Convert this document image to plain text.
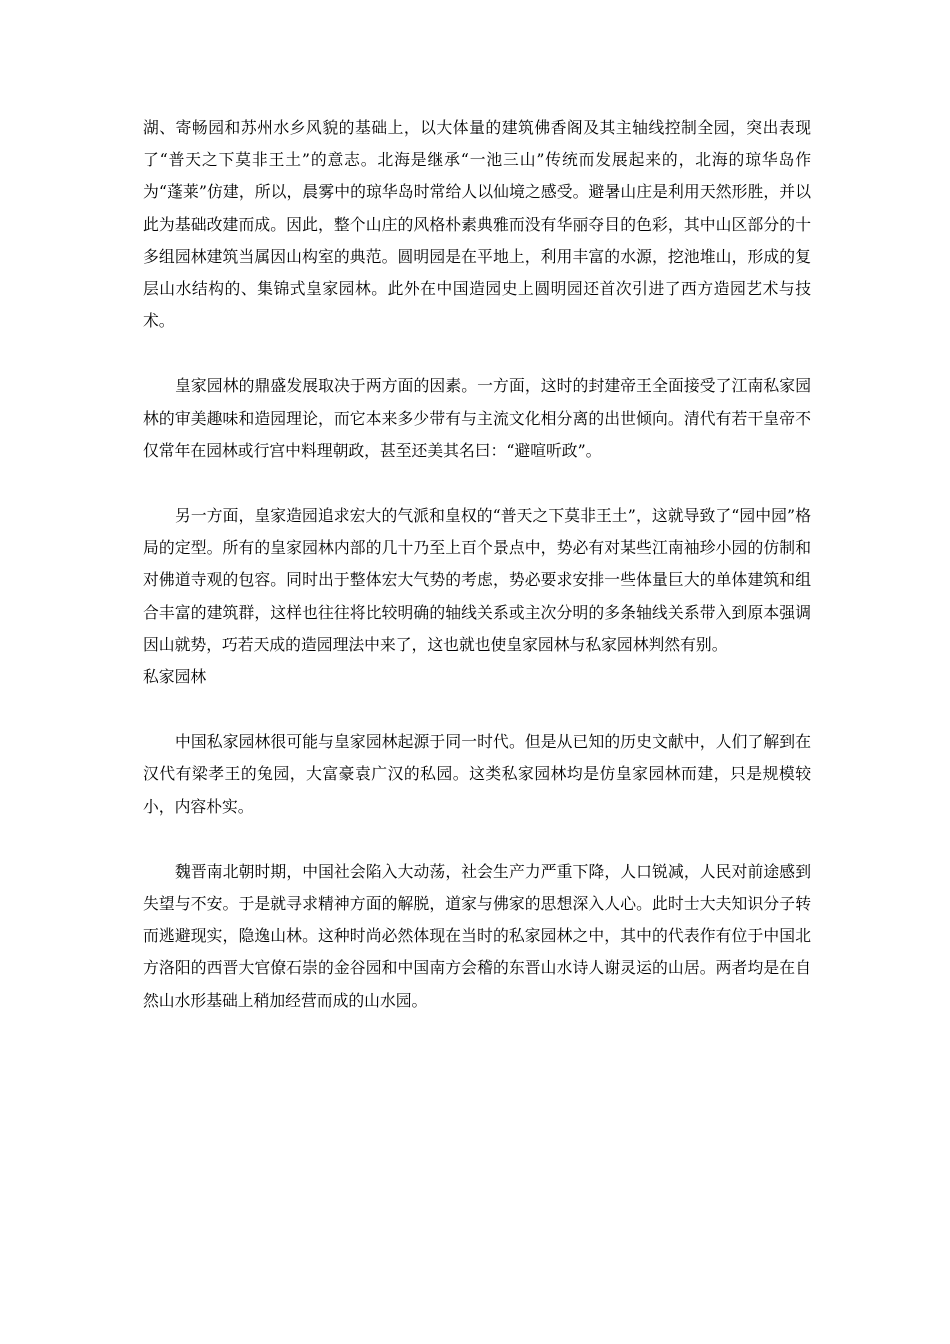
湖、寄畅园和苏州水乡风貌的基础上，以大体量的建筑佛香阁及其主轴线控制全园，突出表现了“普天之下莫非王土”的意志。北海是继承“一池三山”传统而发展起来的，北海的琼华岛作为“蓬莱”仿建，所以，晨雾中的琼华岛时常给人以仙境之感受。避暑山庄是利用天然形胜，并以此为基础改建而成。因此，整个山庄的风格朴素典雅而没有华丽夺目的色彩，其中山区部分的十多组园林建筑当属因山构室的典范。圆明园是在平地上，利用丰富的水源，挖池堆山，形成的复层山水结构的、集锦式皇家园林。此外在中国造园史上圆明园还首次引进了西方造园艺术与技术。

皇家园林的鼎盛发展取决于两方面的因素。一方面，这时的封建帝王全面接受了江南私家园林的审美趣味和造园理论，而它本来多少带有与主流文化相分离的出世倾向。清代有若干皇帝不仅常年在园林或行宫中料理朝政，甚至还美其名曰：“避喧听政”。

另一方面，皇家造园追求宏大的气派和皇权的“普天之下莫非王土”，这就导致了“园中园”格局的定型。所有的皇家园林内部的几十乃至上百个景点中，势必有对某些江南袖珍小园的仿制和对佛道寺观的包容。同时出于整体宏大气势的考虑，势必要求安排一些体量巨大的单体建筑和组合丰富的建筑群，这样也往往将比较明确的轴线关系或主次分明的多条轴线关系带入到原本强调因山就势，巧若天成的造园理法中来了，这也就也使皇家园林与私家园林判然有别。

私家园林

中国私家园林很可能与皇家园林起源于同一时代。但是从已知的历史文献中，人们了解到在汉代有梁孝王的兔园，大富豪袁广汉的私园。这类私家园林均是仿皇家园林而建，只是规模较小，内容朴实。

魏晋南北朝时期，中国社会陷入大动荡，社会生产力严重下降，人口锐减，人民对前途感到失望与不安。于是就寻求精神方面的解脱，道家与佛家的思想深入人心。此时士大夫知识分子转而逃避现实，隐逸山林。这种时尚必然体现在当时的私家园林之中，其中的代表作有位于中国北方洛阳的西晋大官僚石崇的金谷园和中国南方会稽的东晋山水诗人谢灵运的山居。两者均是在自然山水形基础上稍加经营而成的山水园。
